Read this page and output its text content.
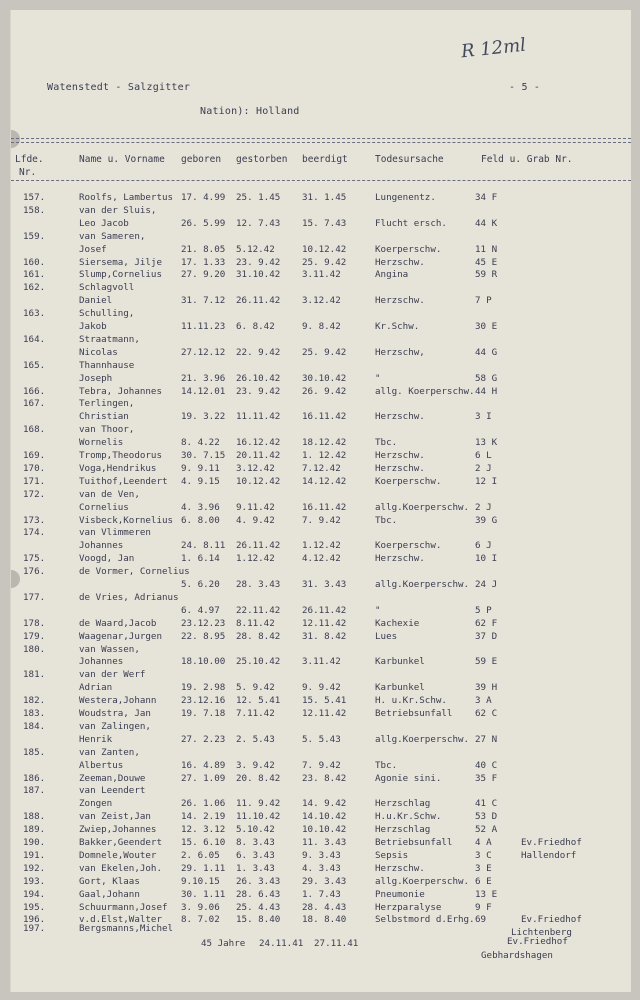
R 12ml
Watenstedt - Salzgitter	- 5 -
Nation): Holland
Lfde.
Nr.
Name u. Vorname geboren gestorben beerdigt	Todesursache	Feld u. Grab Nr.
157.	Roolfs, Lambertus 17. 4.99 25. 1.45 31. 1.45	Lungenentz.	34 F
158.	van der Sluis,
Leo Jacob	26. 5.99 12. 7.43 15. 7.43	Flucht ersch.	44 K
159.	van Sameren,
Josef	21. 8.05 5.12.42	10.12.42	Koerperschw.	11 N
160.	Siersema, Jilje 17. 1.33 23. 9.42 25. 9.42	Herzschw.	45 E
161.	Slump,Cornelius 27. 9.20 31.10.42 3.11.42	Angina	59 R
162.	Schlagvoll
Daniel	31. 7.12 26.11.42 3.12.42	Herzschw.	7 P
163.	Schulling,
Jakob	11.11.23 6. 8.42	9. 8.42	Kr.Schw.	30 E
164.	Straatmann,
Nicolas	27.12.12 22. 9.42 25. 9.42	Herzschw,	44 G
165.	Thannhause
Joseph	21. 3.96 26.10.42 30.10.42	"	58 G
166.	Tebra, Johannes 14.12.01 23. 9.42 26. 9.42	allg. Koerperschw. 44 H
167.	Terlingen,
Christian	19. 3.22 11.11.42 16.11.42	Herzschw.	3 I
168.	van Thoor,
Wornelis	8. 4.22 16.12.42 18.12.42	Tbc.	13 K
169.	Tromp,Theodorus 30. 7.15 20.11.42 1. 12.42	Herzschw.	6 L
170.	Voga,Hendrikus	9. 9.11 3.12.42	7.12.42	Herzschw.	2 J
171.	Tuithof,Leendert 4. 9.15 10.12.42 14.12.42	Koerperschw.	12 I
172.	van de Ven,
Cornelius	4. 3.96 9.11.42	16.11.42	allg.Koerperschw. 2 J
173.	Visbeck,Kornelius 6. 8.00 4. 9.42	7. 9.42	Tbc.	39 G
174.	van Vlimmeren
Johannes	24. 8.11 26.11.42 1.12.42	Koerperschw.	6 J
175.	Voogd, Jan	1. 6.14 1.12.42	4.12.42	Herzschw.	10 I
176.	de Vormer, Cornelius
5. 6.20 28. 3.43 31. 3.43	allg.Koerperschw. 24 J
177.	de Vries, Adrianus
6. 4.97 22.11.42 26.11.42	"	5 P
178.	de Waard,Jacob	23.12.23 8.11.42	12.11.42	Kachexie	62 F
179.	Waagenar,Jurgen 22. 8.95 28. 8.42 31. 8.42	Lues	37 D
180.	van Wassen,
Johannes	18.10.00 25.10.42 3.11.42	Karbunkel	59 E
181.	van der Werf
Adrian	19. 2.98 5. 9.42	9. 9.42	Karbunkel	39 H
182.	Westera,Johann	23.12.16 12. 5.41 15. 5.41	H. u.Kr.Schw.	3 A
183.	Woudstra, Jan	19. 7.18 7.11.42	12.11.42	Betriebsunfall 62 C
184.	van Zalingen,
Henrik	27. 2.23 2. 5.43	5. 5.43	allg.Koerperschw. 27 N
185.	van Zanten,
Albertus	16. 4.89 3. 9.42	7. 9.42	Tbc.	40 C
186.	Zeeman,Douwe	27. 1.09 20. 8.42 23. 8.42	Agonie sini.	35 F
187.	van Leendert
Zongen	26. 1.06 11. 9.42 14. 9.42	Herzschlag	41 C
188.	van Zeist,Jan	14. 2.19 11.10.42 14.10.42	H.u.Kr.Schw.	53 D
189.	Zwiep,Johannes	12. 3.12 5.10.42	10.10.42	Herzschlag	52 A
190.	Bakker,Geendert 15. 6.10 8. 3.43	11. 3.43	Betriebsunfall 4 A	Ev.Friedhof
191.	Domnele,Wouter	2. 6.05 6. 3.43	9. 3.43	Sepsis	3 C	Hallendorf
192.	van Ekelen,Joh. 29. 1.11 1. 3.43	4. 3.43	Herzschw.	3 E
193.	Gort, Klaas	9.10.15 26. 3.43 29. 3.43	allg.Koerperschw. 6 E
194.	Gaal,Johann	30. 1.11 28. 6.43 1. 7.43	Pneumonie	13 E
195.	Schuurmann,Josef 3. 9.06 25. 4.43 28. 4.43	Herzparalyse	9 F
196.	v.d.Elst,Walter 8. 7.02 15. 8.40 18. 8.40	Selbstmord d.Erhg. 69	Ev.Friedhof
Lichtenberg
197.	Bergsmanns,Michel
45 Jahre 24.11.41 27.11.41	Ev.Friedhof
Gebhardshagen
